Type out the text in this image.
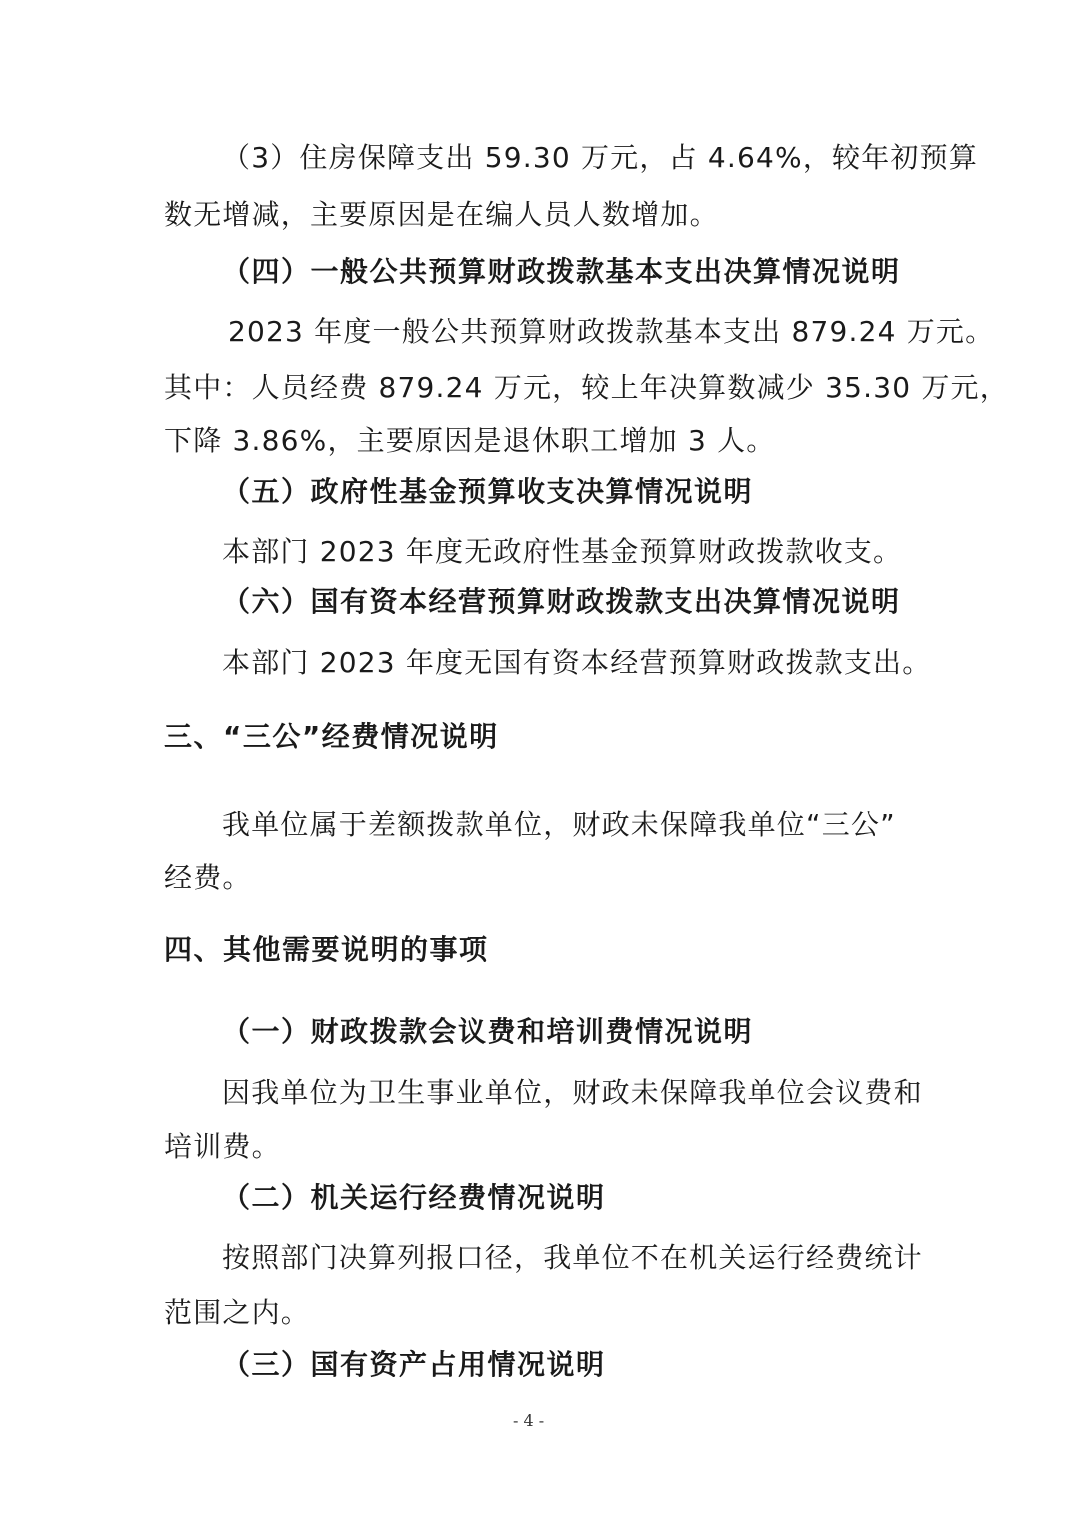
（3）住房保障支出 59.30 万元，占 4.64%，较年初预算
数无增减，主要原因是在编人员人数增加。
（四）一般公共预算财政拨款基本支出决算情况说明
2023 年度一般公共预算财政拨款基本支出 879.24 万元。
其中：人员经费 879.24 万元，较上年决算数减少 35.30 万元，
下降 3.86%，主要原因是退休职工增加 3 人。
（五）政府性基金预算收支决算情况说明
本部门 2023 年度无政府性基金预算财政拨款收支。
（六）国有资本经营预算财政拨款支出决算情况说明
本部门 2023 年度无国有资本经营预算财政拨款支出。
三、“三公”经费情况说明
我单位属于差额拨款单位，财政未保障我单位“三公”
经费。
四、其他需要说明的事项
（一）财政拨款会议费和培训费情况说明
因我单位为卫生事业单位，财政未保障我单位会议费和
培训费。
（二）机关运行经费情况说明
按照部门决算列报口径，我单位不在机关运行经费统计
范围之内。
（三）国有资产占用情况说明
- 4 -
